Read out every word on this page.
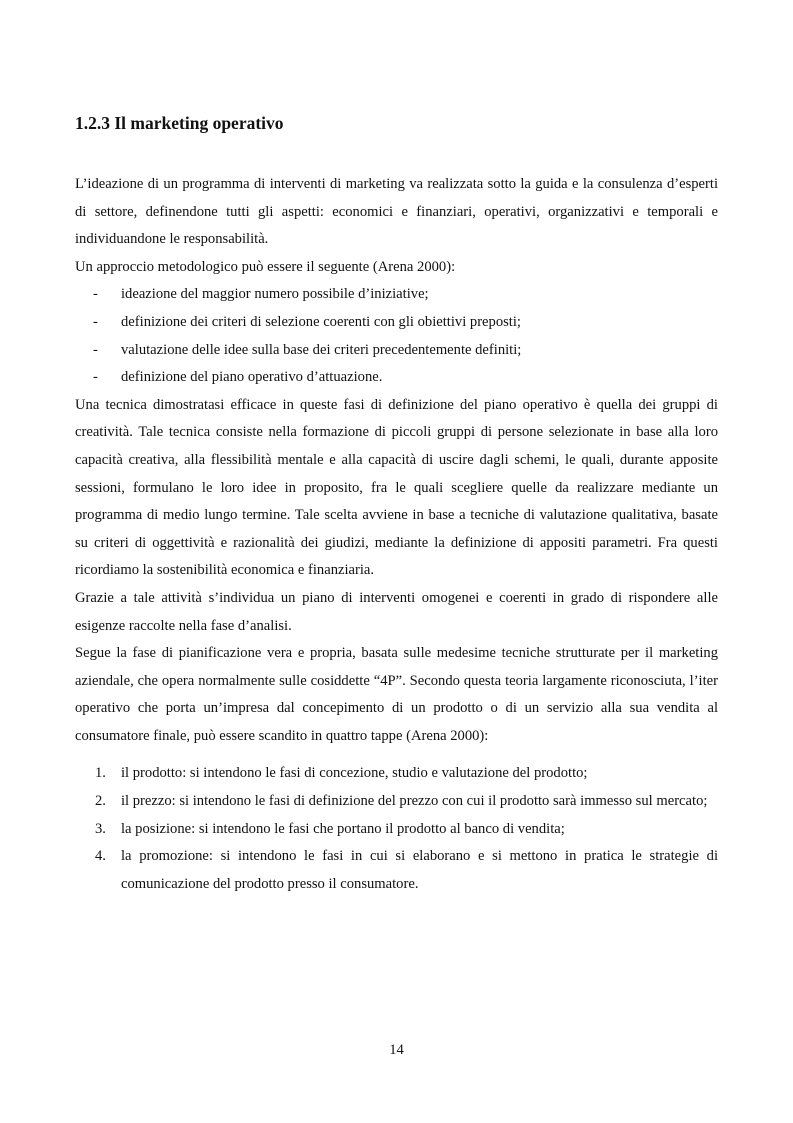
1.2.3 Il marketing operativo

L’ideazione di un programma di interventi di marketing va realizzata sotto la guida e la consulenza d’esperti di settore, definendone tutti gli aspetti: economici e finanziari, operativi, organizzativi e temporali e individuandone le responsabilità.

Un approccio metodologico può essere il seguente (Arena 2000):

- ideazione del maggior numero possibile d’iniziative;
- definizione dei criteri di selezione coerenti con gli obiettivi preposti;
- valutazione delle idee sulla base dei criteri precedentemente definiti;
- definizione del piano operativo d’attuazione.

Una tecnica dimostratasi efficace in queste fasi di definizione del piano operativo è quella dei gruppi di creatività. Tale tecnica consiste nella formazione di piccoli gruppi di persone selezionate in base alla loro capacità creativa, alla flessibilità mentale e alla capacità di uscire dagli schemi, le quali, durante apposite sessioni, formulano le loro idee in proposito, fra le quali scegliere quelle da realizzare mediante un programma di medio lungo termine. Tale scelta avviene in base a tecniche di valutazione qualitativa, basate su criteri di oggettività e razionalità dei giudizi, mediante la definizione di appositi parametri. Fra questi ricordiamo la sostenibilità economica e finanziaria.

Grazie a tale attività s’individua un piano di interventi omogenei e coerenti in grado di rispondere alle esigenze raccolte nella fase d’analisi.

Segue la fase di pianificazione vera e propria, basata sulle medesime tecniche strutturate per il marketing aziendale, che opera normalmente sulle cosiddette “4P”. Secondo questa teoria largamente riconosciuta, l’iter operativo che porta un’impresa dal concepimento di un prodotto o di un servizio alla sua vendita al consumatore finale, può essere scandito in quattro tappe (Arena 2000):

1. il prodotto: si intendono le fasi di concezione, studio e valutazione del prodotto;
2. il prezzo: si intendono le fasi di definizione del prezzo con cui il prodotto sarà immesso sul mercato;
3. la posizione: si intendono le fasi che portano il prodotto al banco di vendita;
4. la promozione: si intendono le fasi in cui si elaborano e si mettono in pratica le strategie di comunicazione del prodotto presso il consumatore.
14
